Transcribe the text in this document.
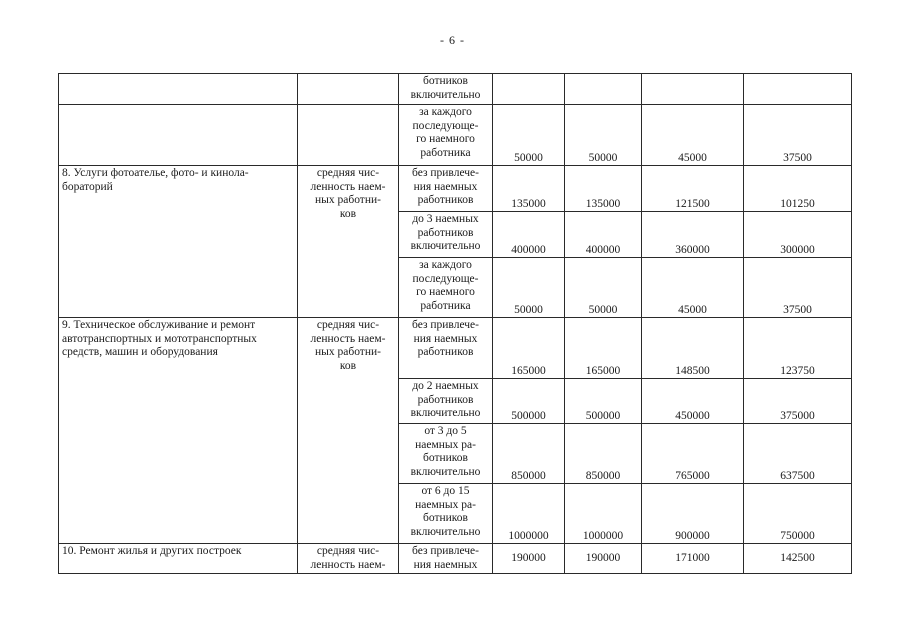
- 6 -
		ботников
включительно				
		за каждого
последующе-
го наемного
работника	50000	50000	45000	37500

8. Услуги фотоателье, фото- и кинола-
бораторий	средняя чис-
ленность наем-
ных работни-
ков	без привлече-
ния наемных
работников	135000	135000	121500	101250

		до 3 наемных
работников
включительно	400000	400000	360000	300000

		за каждого
последующе-
го наемного
работника	50000	50000	45000	37500

9. Техническое обслуживание и ремонт
автотранспортных и мототранспортных
средств, машин и оборудования	средняя чис-
ленность наем-
ных работни-
ков	без привлече-
ния наемных
работников	165000	165000	148500	123750

		до 2 наемных
работников
включительно	500000	500000	450000	375000

		от 3 до 5
наемных ра-
ботников
включительно	850000	850000	765000	637500

		от 6 до 15
наемных ра-
ботников
включительно	1000000	1000000	900000	750000

10. Ремонт жилья и других построек	средняя чис-
ленность наем-	без привлече-
ния наемных	190000	190000	171000	142500
